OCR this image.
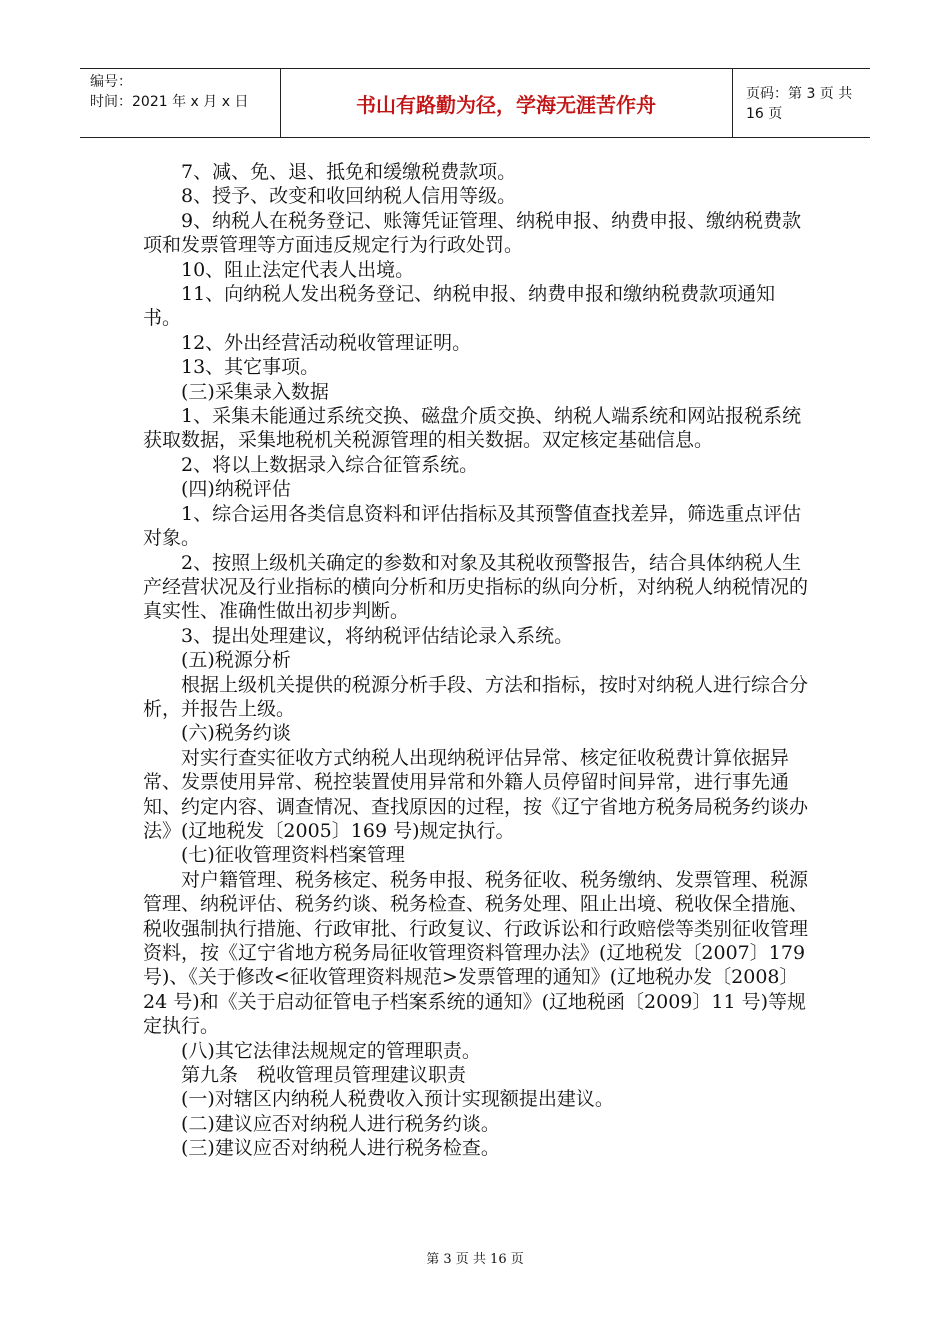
编号：
时间：2021 年 x 月 x 日	书山有路勤为径，学海无涯苦作舟	页码：第 3 页 共 16 页

7、减、免、退、抵免和缓缴税费款项。

8、授予、改变和收回纳税人信用等级。

9、纳税人在税务登记、账簿凭证管理、纳税申报、纳费申报、缴纳税费款项和发票管理等方面违反规定行为行政处罚。

10、阻止法定代表人出境。

11、向纳税人发出税务登记、纳税申报、纳费申报和缴纳税费款项通知书。

12、外出经营活动税收管理证明。

13、其它事项。

(三)采集录入数据

1、采集未能通过系统交换、磁盘介质交换、纳税人端系统和网站报税系统获取数据，采集地税机关税源管理的相关数据。双定核定基础信息。

2、将以上数据录入综合征管系统。

(四)纳税评估

1、综合运用各类信息资料和评估指标及其预警值查找差异，筛选重点评估对象。

2、按照上级机关确定的参数和对象及其税收预警报告，结合具体纳税人生产经营状况及行业指标的横向分析和历史指标的纵向分析，对纳税人纳税情况的真实性、准确性做出初步判断。

3、提出处理建议，将纳税评估结论录入系统。

(五)税源分析

根据上级机关提供的税源分析手段、方法和指标，按时对纳税人进行综合分析，并报告上级。

(六)税务约谈

对实行查实征收方式纳税人出现纳税评估异常、核定征收税费计算依据异常、发票使用异常、税控装置使用异常和外籍人员停留时间异常，进行事先通知、约定内容、调查情况、查找原因的过程，按《辽宁省地方税务局税务约谈办法》(辽地税发〔2005〕169 号)规定执行。

(七)征收管理资料档案管理

对户籍管理、税务核定、税务申报、税务征收、税务缴纳、发票管理、税源管理、纳税评估、税务约谈、税务检查、税务处理、阻止出境、税收保全措施、税收强制执行措施、行政审批、行政复议、行政诉讼和行政赔偿等类别征收管理资料，按《辽宁省地方税务局征收管理资料管理办法》(辽地税发〔2007〕179 号)、《关于修改<征收管理资料规范>发票管理的通知》(辽地税办发〔2008〕24 号)和《关于启动征管电子档案系统的通知》(辽地税函〔2009〕11 号)等规定执行。

(八)其它法律法规规定的管理职责。

第九条　税收管理员管理建议职责

(一)对辖区内纳税人税费收入预计实现额提出建议。

(二)建议应否对纳税人进行税务约谈。

(三)建议应否对纳税人进行税务检查。

第 3 页 共 16 页
